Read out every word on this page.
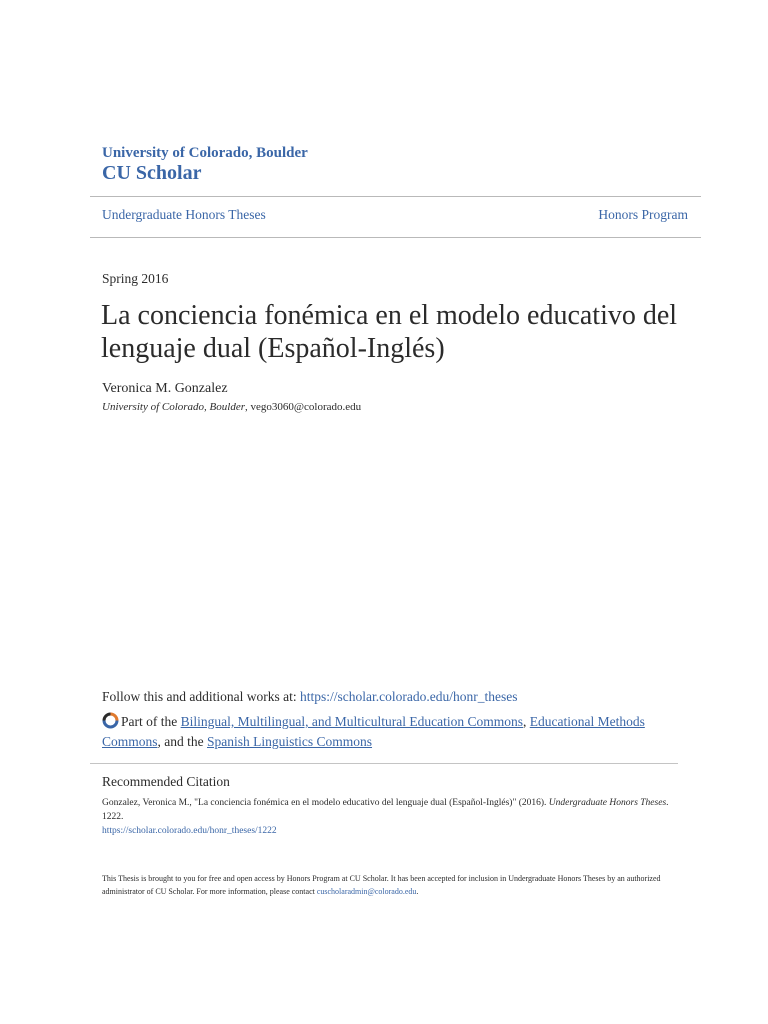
University of Colorado, Boulder
CU Scholar
Undergraduate Honors Theses	Honors Program
Spring 2016
La conciencia fonémica en el modelo educativo del lenguaje dual (Español-Inglés)
Veronica M. Gonzalez
University of Colorado, Boulder, vego3060@colorado.edu
Follow this and additional works at: https://scholar.colorado.edu/honr_theses
Part of the Bilingual, Multilingual, and Multicultural Education Commons, Educational Methods Commons, and the Spanish Linguistics Commons
Recommended Citation
Gonzalez, Veronica M., "La conciencia fonémica en el modelo educativo del lenguaje dual (Español-Inglés)" (2016). Undergraduate Honors Theses. 1222.
https://scholar.colorado.edu/honr_theses/1222
This Thesis is brought to you for free and open access by Honors Program at CU Scholar. It has been accepted for inclusion in Undergraduate Honors Theses by an authorized administrator of CU Scholar. For more information, please contact cuscholaradmin@colorado.edu.
